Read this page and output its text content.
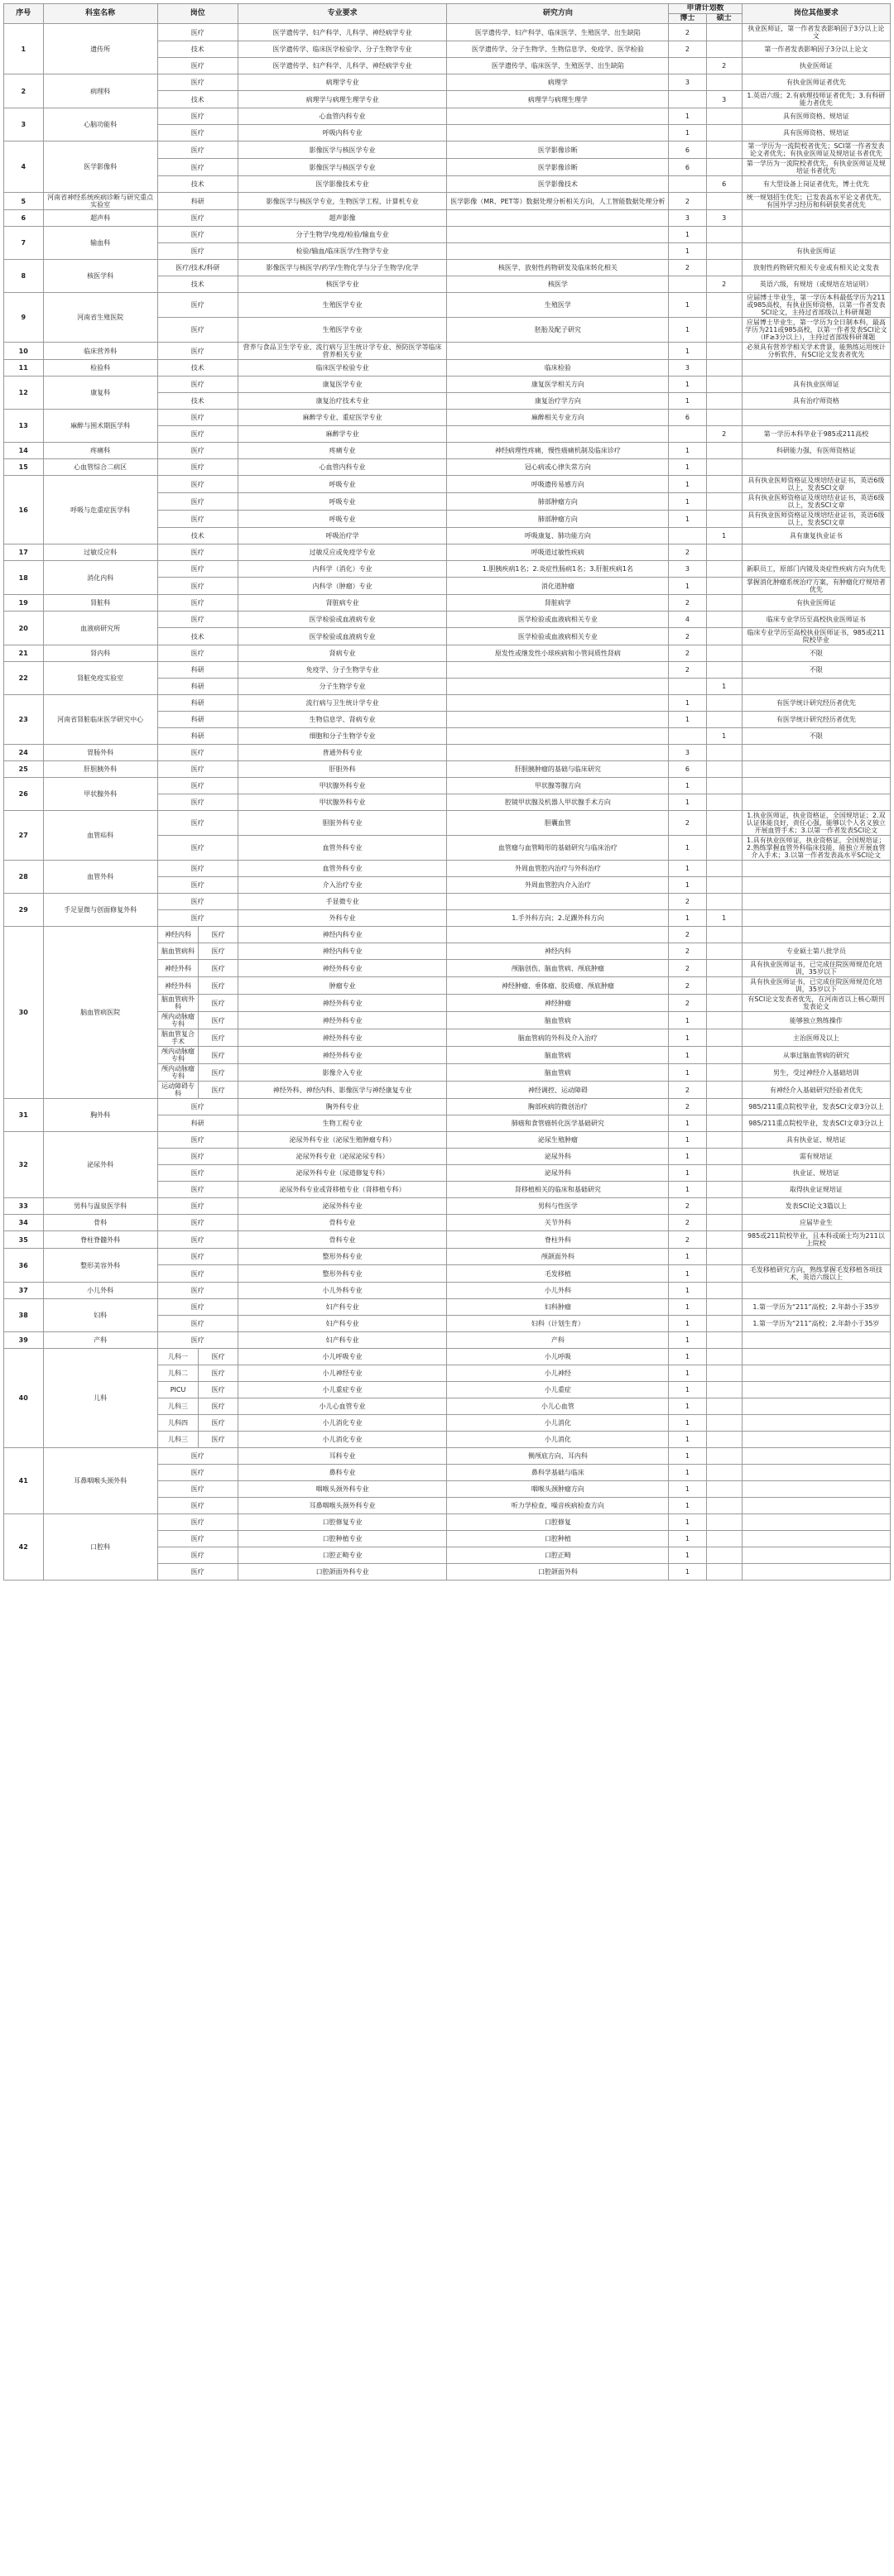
序号	科室名称	岗位		专业要求	研究方向	申请计划数		岗位其他要求
						博士	硕士	
1	遗传所	医疗		医学遗传学、妇产科学、儿科学、神经病学专业	医学遗传学、妇产科学、临床医学、生殖医学、出生缺陷	2		执业医师证，第一作者发表影响因子3分以上论文
		技术		医学遗传学、临床医学检验学、分子生物学专业	医学遗传学、分子生物学、生物信息学、免疫学、医学检验	2		第一作者发表影响因子3分以上论文
		医疗		医学遗传学、妇产科学、儿科学、神经病学专业	医学遗传学、临床医学、生殖医学、出生缺陷		2	执业医师证
2	病理科	医疗		病理学专业	病理学	3		有执业医师证者优先
		技术		病理学与病理生理学专业	病理学与病理生理学		3	1.英语六级；2.有病理技师证者优先；3.有科研能力者优先
3	心脑功能科	医疗		心血管内科专业		1		具有医师资格、规培证
		医疗		呼吸内科专业		1		具有医师资格、规培证
4	医学影像科	医疗		影像医学与核医学专业	医学影像诊断	6		第一学历为一流院校者优先；SCI第一作者发表论文者优先；有执业医师证及规培证书者优先
		医疗		影像医学与核医学专业	医学影像诊断	6		第一学历为一流院校者优先，有执业医师证及规培证书者优先
		技术		医学影像技术专业	医学影像技术		6	有大型设备上岗证者优先，博士优先
5	河南省神经系统疾病诊断与研究重点实验室	科研		影像医学与核医学专业，生物医学工程、计算机专业	医学影像（MR、PET等）数据处理分析相关方向，人工智能数据处理分析	2		统一规划招生优先；已发表高水平论文者优先，有国外学习经历和科研获奖者优先
6	超声科	医疗		超声影像		3	3	
7	输血科	医疗		分子生物学/免疫/检验/输血专业		1		
		医疗		检验/输血/临床医学/生物学专业		1		有执业医师证
8	核医学科	医疗/技术/科研		影像医学与核医学/药学/生物化学与分子生物学/化学	核医学、放射性药物研发及临床转化相关	2		放射性药物研究相关专业或有相关论文发表
		技术		核医学专业	核医学		2	英语六级，有规培（或规培在培证明）
9	河南省生殖医院	医疗		生殖医学专业	生殖医学	1		应届博士毕业生，第一学历本科最低学历为211或985高校，有执业医师资格，以第一作者发表SCI论文，主持过省部级以上科研课题
		医疗		生殖医学专业	胚胎及配子研究	1		应届博士毕业生，第一学历为全日制本科，最高学历为211或985高校，以第一作者发表SCI论文（IF≥3分以上），主持过省部级科研课题
10	临床营养科	医疗		营养与食品卫生学专业、流行病与卫生统计学专业、预防医学等临床营养相关专业		1		必须具有营养学相关学术背景，能熟练运用统计分析软件，有SCI论文发表者优先
11	检验科	技术		临床医学检验专业	临床检验	3		
12	康复科	医疗		康复医学专业	康复医学相关方向	1		具有执业医师证
		技术		康复治疗技术专业	康复治疗学方向	1		具有治疗师资格
13	麻醉与围术期医学科	医疗		麻醉学专业、重症医学专业	麻醉相关专业方向	6		
		医疗		麻醉学专业			2	第一学历本科毕业于985或211高校
14	疼痛科	医疗		疼痛专业	神经病理性疼痛，慢性癌痛机制及临床诊疗	1		科研能力强，有医师资格证
15	心血管综合二病区	医疗		心血管内科专业	冠心病或心律失常方向	1		
16	呼吸与危重症医学科	医疗		呼吸专业	呼吸遗传易感方向	1		具有执业医师资格证及规培结业证书，英语6级以上，发表SCI文章
		医疗		呼吸专业	肺部肿瘤方向	1		具有执业医师资格证及规培结业证书，英语6级以上，发表SCI文章
		医疗		呼吸专业	肺部肿瘤方向	1		具有执业医师资格证及规培结业证书，英语6级以上，发表SCI文章
		技术		呼吸治疗学	呼吸康复、肺功能方向		1	具有康复执业证书
17	过敏反应科	医疗		过敏反应或免疫学专业	呼吸道过敏性疾病	2		
18	消化内科	医疗		内科学（消化）专业	1.胆胰疾病1名；2.炎症性肠病1名；3.肝脏疾病1名	3		新职员工，原部门内镜及炎症性疾病方向为优先
		医疗		内科学（肿瘤）专业	消化道肿瘤	1		掌握消化肿瘤系统治疗方案，有肿瘤化疗规培者优先
19	肾脏科	医疗		肾脏病专业	肾脏病学	2		有执业医师证
20	血液病研究所	医疗		医学检验或血液病专业	医学检验或血液病相关专业	4		临床专业学历至高校执业医师证书
		技术		医学检验或血液病专业	医学检验或血液病相关专业	2		临床专业学历至高校执业医师证书，985或211院校毕业
21	肾内科	医疗		肾病专业	原发性或继发性小球疾病和小管间质性肾病	2		不限
22	肾脏免疫实验室	科研		免疫学、分子生物学专业		2		不限
		科研		分子生物学专业			1	
23	河南省肾脏临床医学研究中心	科研		流行病与卫生统计学专业		1		有医学统计研究经历者优先
		科研		生物信息学、肾病专业		1		有医学统计研究经历者优先
		科研		细胞和分子生物学专业			1	不限
24	胃肠外科	医疗		普通外科专业		3		
25	肝胆胰外科	医疗		肝胆外科	肝胆胰肿瘤的基础与临床研究	6		
26	甲状腺外科	医疗		甲状腺外科专业	甲状腺等腺方向	1		
		医疗		甲状腺外科专业	腔镜甲状腺及机器人甲状腺手术方向	1		
27	血管疝科	医疗		胆脏外科专业	胆囊血管	2		1.执业医师证，执业资格证，全国规培证；2.双认证体能良好，责任心强，能够以个人名义独立开展血管手术；3.以第一作者发表SCI论文
		医疗		血管外科专业	血管瘤与血管畸形的基础研究与临床治疗	1		1.具有执业医师证，执业资格证，全国规培证；2.熟练掌握血管外科临床技能，能独立开展血管介入手术；3.以第一作者发表高水平SCI论文
28	血管外科	医疗		血管外科专业	外周血管腔内治疗与外科治疗	1		
		医疗		介入治疗专业	外周血管腔内介入治疗	1		
29	手足显微与创面修复外科	医疗		手显微专业		2		
		医疗		外科专业	1.手外科方向；2.足踝外科方向	1	1	
30	脑血管病医院	神经内科	医疗	神经内科专业		2		
		脑血管病科	医疗	神经内科专业	神经内科	2		专业硕士第八批学员
		神经外科	医疗	神经外科专业	颅脑创伤、脑血管病、颅底肿瘤	2		具有执业医师证书，已完成住院医师规范化培训，35岁以下
		神经外科	医疗	肿瘤专业	神经肿瘤、垂体瘤、胶质瘤、颅底肿瘤	2		具有执业医师证书，已完成住院医师规范化培训，35岁以下
		脑血管病外科	医疗	神经外科专业	神经肿瘤	2		有SCI论文发表者优先，在河南省以上核心期刊发表论文
		颅内动脉瘤专科	医疗	神经外科专业	脑血管病	1		能够独立熟练操作
		脑血管复合手术	医疗	神经外科专业	脑血管病的外科及介入治疗	1		主治医师及以上
		颅内动脉瘤专科	医疗	神经外科专业	脑血管病	1		从事过脑血管病的研究
		颅内动脉瘤专科	医疗	影像介入专业	脑血管病	1		男生，受过神经介入基础培训
		运动障碍专科	医疗	神经外科、神经内科、影像医学与神经康复专业	神经调控、运动障碍	2		有神经介入基础研究经验者优先
31	胸外科	医疗		胸外科专业	胸部疾病的微创治疗	2		985/211重点院校毕业，发表SCI文章3分以上
		科研		生物工程专业	肺癌和食管癌转化医学基础研究	1		985/211重点院校毕业，发表SCI文章3分以上
32	泌尿外科	医疗		泌尿外科专业（泌尿生殖肿瘤专科）	泌尿生殖肿瘤	1		具有执业证、规培证
		医疗		泌尿外科专业（泌尿泌尿专科）	泌尿外科	1		需有规培证
		医疗		泌尿外科专业（尿道修复专科）	泌尿外科	1		执业证、规培证
		医疗		泌尿外科专业或肾移植专业（肾移植专科）	肾移植相关的临床和基础研究	1		取得执业证规培证
33	男科与温泉医学科	医疗		泌尿外科专业	男科与性医学	2		发表SCI论文3篇以上
34	骨科	医疗		骨科专业	关节外科	2		应届毕业生
35	脊柱脊髓外科	医疗		骨科专业	脊柱外科	2		985或211院校毕业，且本科或硕士均为211以上院校
36	整形美容外科	医疗		整形外科专业	颅颌面外科	1		
		医疗		整形外科专业	毛发移植	1		毛发移植研究方向，熟练掌握毛发移植各项技术，英语六级以上
37	小儿外科	医疗		小儿外科专业	小儿外科	1		
38	妇科	医疗		妇产科专业	妇科肿瘤	1		1.第一学历为“211”高校；2.年龄小于35岁
		医疗		妇产科专业	妇科（计划生育）	1		1.第一学历为“211”高校；2.年龄小于35岁
39	产科	医疗		妇产科专业	产科	1		
40	儿科	儿科一	医疗	小儿呼吸专业	小儿呼吸	1		
		儿科二	医疗	小儿神经专业	小儿神经	1		
		PICU	医疗	小儿重症专业	小儿重症	1		
		儿科三	医疗	小儿心血管专业	小儿心血管	1		
		儿科四	医疗	小儿消化专业	小儿消化	1		
		儿科三	医疗	小儿消化专业	小儿消化	1		
41	耳鼻咽喉头颈外科	医疗		耳科专业	侧颅底方向、耳内科	1		
		医疗		鼻科专业	鼻科学基础与临床	1		
		医疗		咽喉头颈外科专业	咽喉头颈肿瘤方向	1		
		医疗		耳鼻咽喉头颈外科专业	听力学检查、噪音疾病检查方向	1		
42	口腔科	医疗		口腔修复专业	口腔修复	1		
		医疗		口腔种植专业	口腔种植	1		
		医疗		口腔正畸专业	口腔正畸	1		
		医疗		口腔颌面外科专业	口腔颌面外科	1		
